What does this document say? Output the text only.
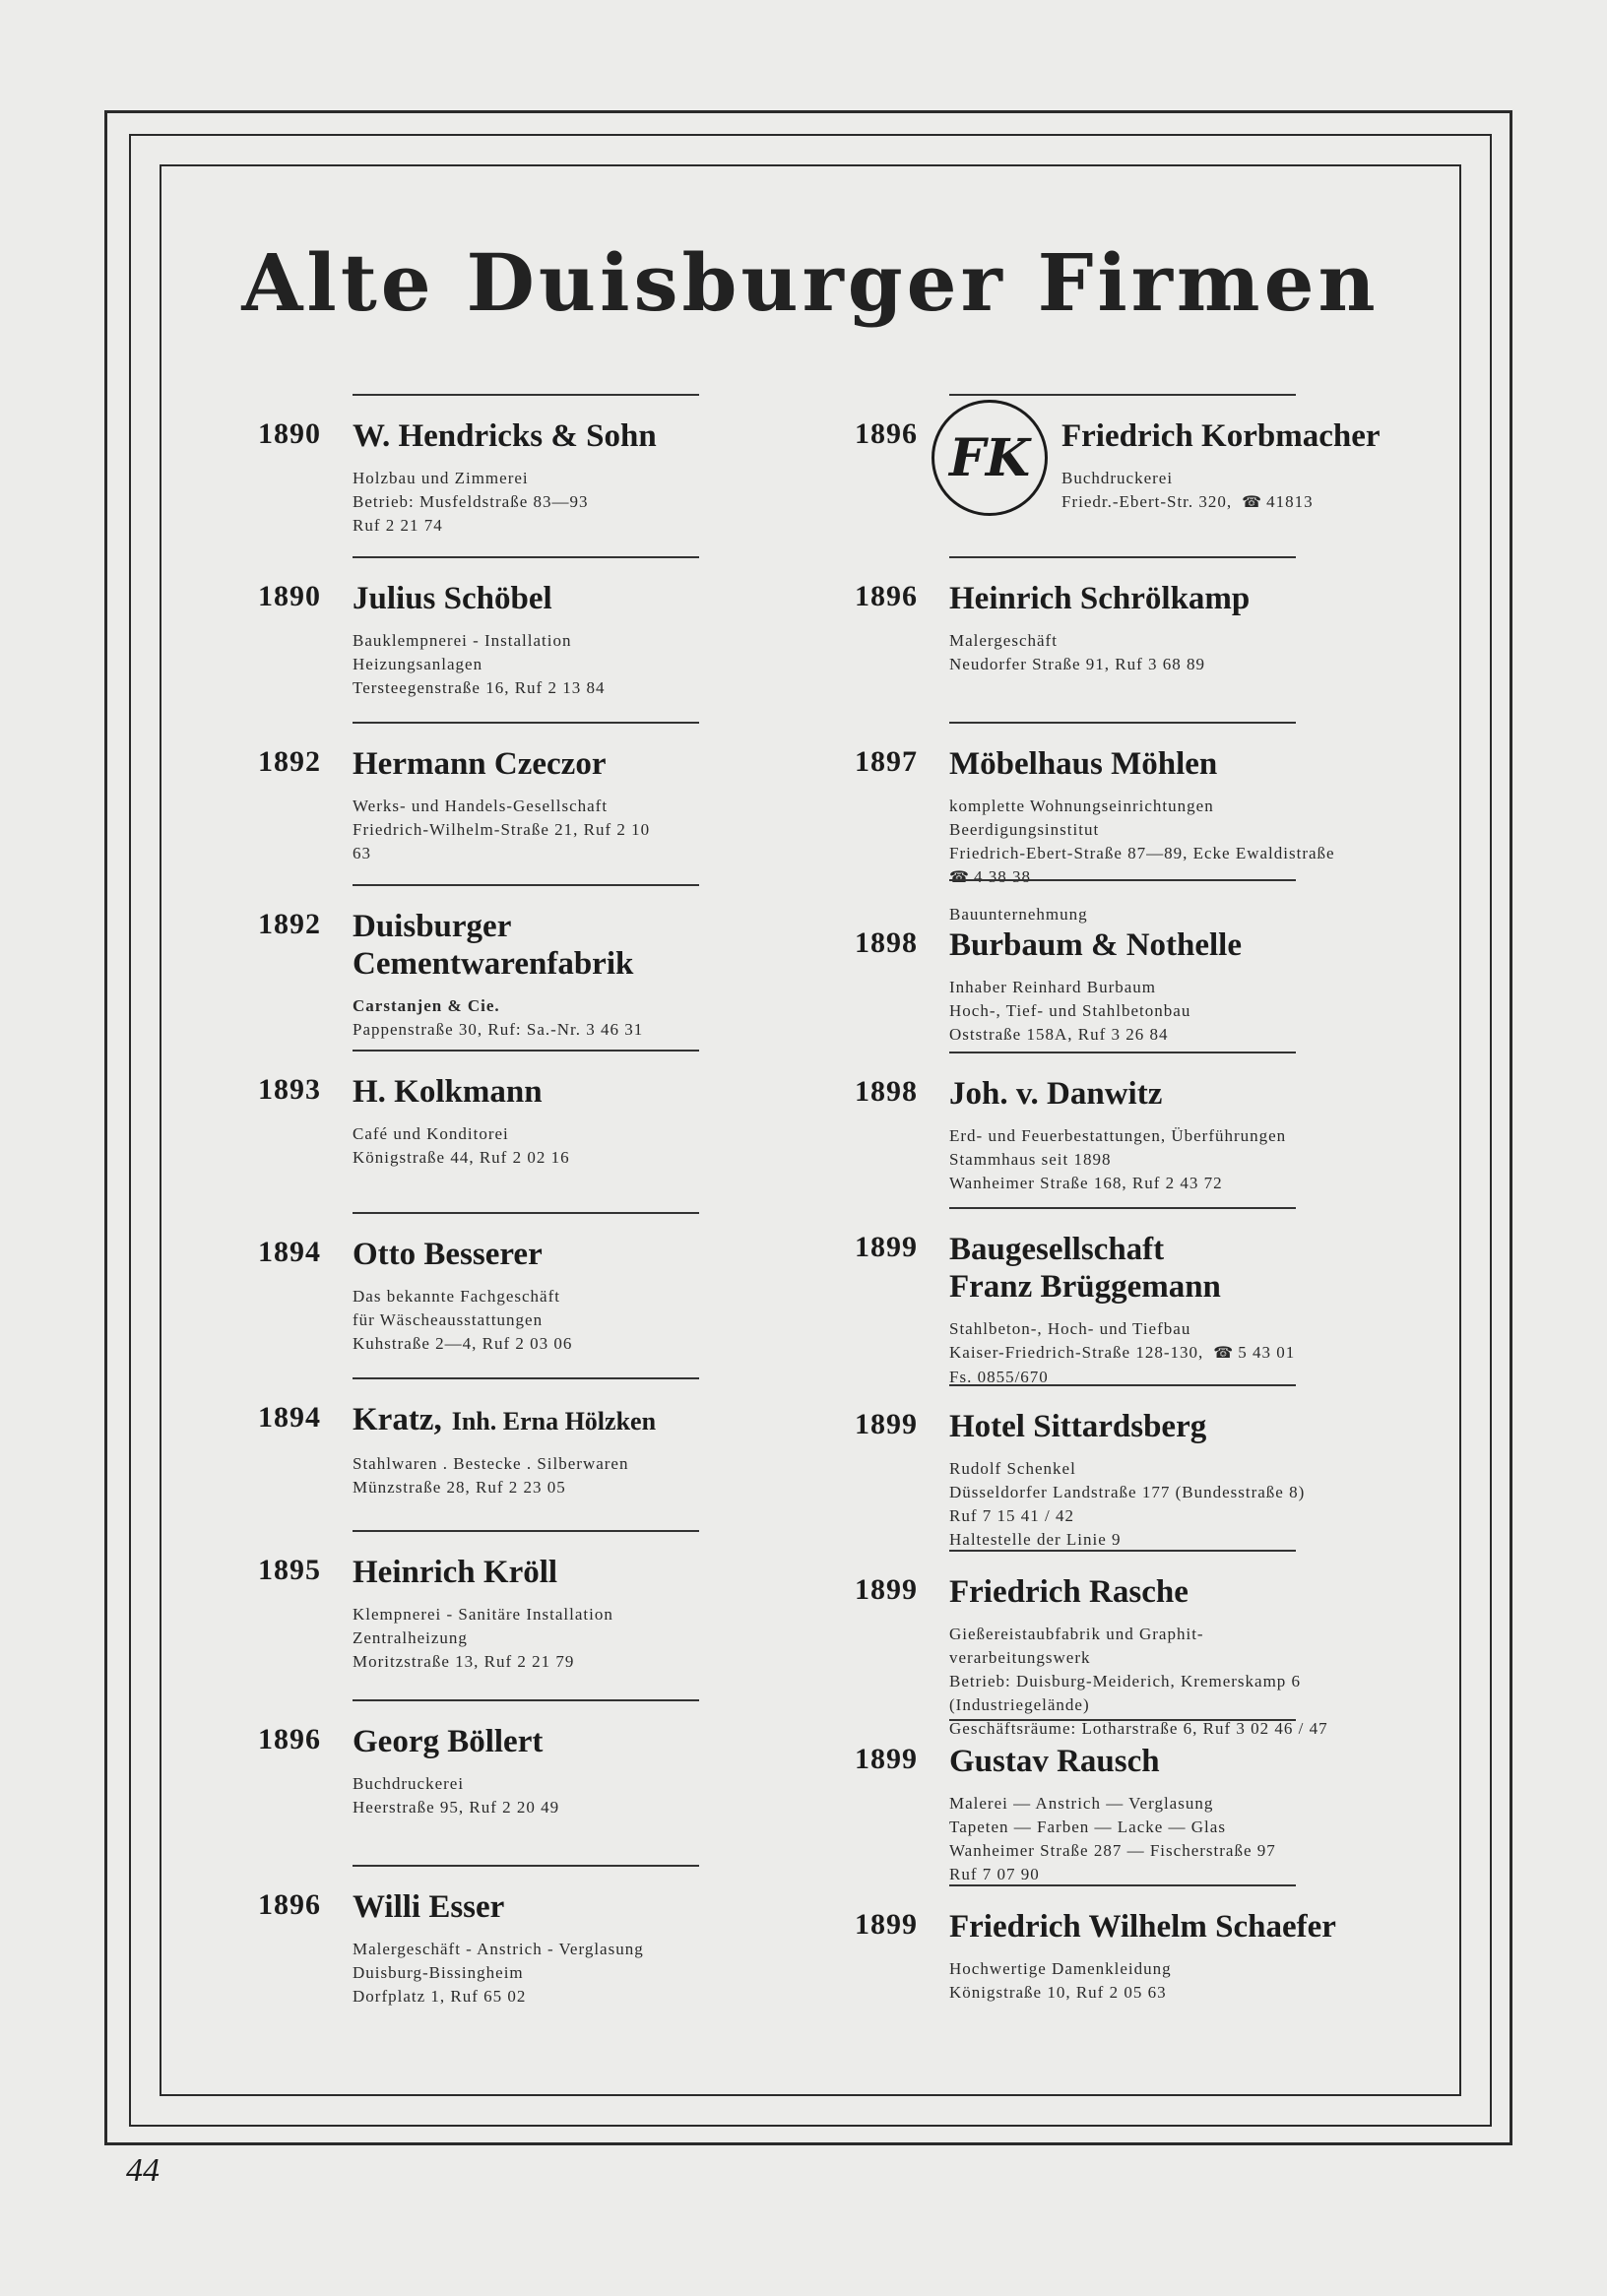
Alte Duisburger Firmen
1890 W. Hendricks & Sohn
Holzbau und Zimmerei
Betrieb: Musfeldstraße 83—93
Ruf 2 21 74
1890 Julius Schöbel
Bauklempnerei - Installation
Heizungsanlagen
Tersteegenstraße 16, Ruf 2 13 84
1892 Hermann Czeczor
Werks- und Handels-Gesellschaft
Friedrich-Wilhelm-Straße 21, Ruf 2 10 63
1892 Duisburger
Cementwarenfabrik
Carstanjen & Cie.
Pappenstraße 30, Ruf: Sa.-Nr. 3 46 31
1893 H. Kolkmann
Café und Konditorei
Königstraße 44, Ruf 2 02 16
1894 Otto Besserer
Das bekannte Fachgeschäft
für Wäscheausstattungen
Kuhstraße 2—4, Ruf 2 03 06
1894 Kratz, Inh. Erna Hölzken
Stahlwaren . Bestecke . Silberwaren
Münzstraße 28, Ruf 2 23 05
1895 Heinrich Kröll
Klempnerei - Sanitäre Installation
Zentralheizung
Moritzstraße 13, Ruf 2 21 79
1896 Georg Böllert
Buchdruckerei
Heerstraße 95, Ruf 2 20 49
1896 Willi Esser
Malergeschäft - Anstrich - Verglasung
Duisburg-Bissingheim
Dorfplatz 1, Ruf 65 02
1896 FK Friedrich Korbmacher
Buchdruckerei
Friedr.-Ebert-Str. 320, ☎ 41813
1896 Heinrich Schrölkamp
Malergeschäft
Neudorfer Straße 91, Ruf 3 68 89
1897 Möbelhaus Möhlen
komplette Wohnungseinrichtungen
Beerdigungsinstitut
Friedrich-Ebert-Straße 87—89, Ecke Ewaldistraße
☎ 4 38 38
1898
Bauunternehmung
Burbaum & Nothelle
Inhaber Reinhard Burbaum
Hoch-, Tief- und Stahlbetonbau
Oststraße 158A, Ruf 3 26 84
1898 Joh. v. Danwitz
Erd- und Feuerbestattungen, Überführungen
Stammhaus seit 1898
Wanheimer Straße 168, Ruf 2 43 72
1899 Baugesellschaft
Franz Brüggemann
Stahlbeton-, Hoch- und Tiefbau
Kaiser-Friedrich-Straße 128-130, ☎ 5 43 01
Fs. 0855/670
1899 Hotel Sittardsberg
Rudolf Schenkel
Düsseldorfer Landstraße 177 (Bundesstraße 8)
Ruf 7 15 41 / 42
Haltestelle der Linie 9
1899 Friedrich Rasche
Gießereistaubfabrik und Graphit-
verarbeitungswerk
Betrieb: Duisburg-Meiderich, Kremerskamp 6
(Industriegelände)
Geschäftsräume: Lotharstraße 6, Ruf 3 02 46 / 47
1899 Gustav Rausch
Malerei — Anstrich — Verglasung
Tapeten — Farben — Lacke — Glas
Wanheimer Straße 287 — Fischerstraße 97
Ruf 7 07 90
1899 Friedrich Wilhelm Schaefer
Hochwertige Damenkleidung
Königstraße 10, Ruf 2 05 63
44
